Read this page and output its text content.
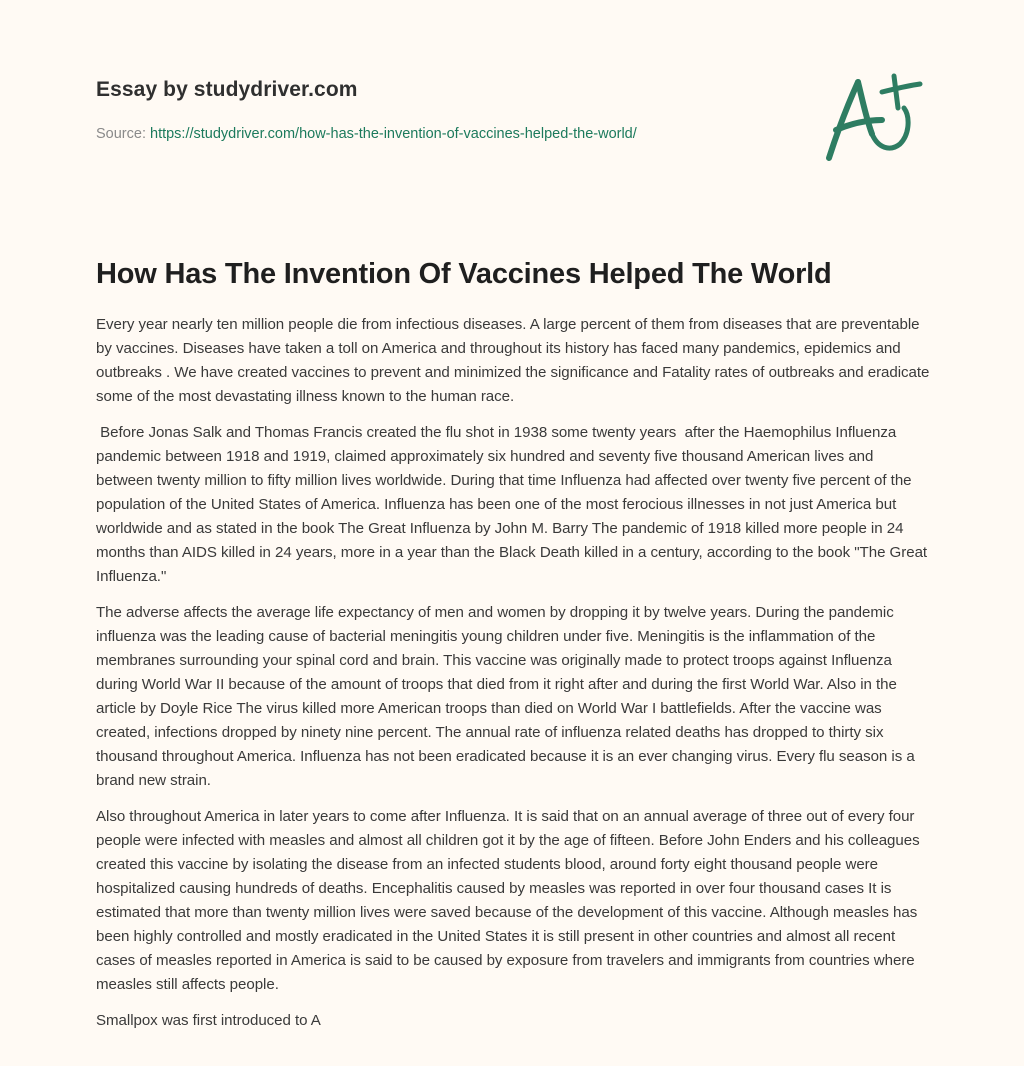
Essay by studydriver.com
Source: https://studydriver.com/how-has-the-invention-of-vaccines-helped-the-world/
How Has The Invention Of Vaccines Helped The World

Every year nearly ten million people die from infectious diseases. A large percent of them from diseases that are preventable by vaccines. Diseases have taken a toll on America and throughout its history has faced many pandemics, epidemics and outbreaks . We have created vaccines to prevent and minimized the significance and Fatality rates of outbreaks and eradicate some of the most devastating illness known to the human race.

Before Jonas Salk and Thomas Francis created the flu shot in 1938 some twenty years  after the Haemophilus Influenza pandemic between 1918 and 1919, claimed approximately six hundred and seventy five thousand American lives and between twenty million to fifty million lives worldwide. During that time Influenza had affected over twenty five percent of the population of the United States of America. Influenza has been one of the most ferocious illnesses in not just America but worldwide and as stated in the book The Great Influenza by John M. Barry The pandemic of 1918 killed more people in 24 months than AIDS killed in 24 years, more in a year than the Black Death killed in a century, according to the book "The Great Influenza."

The adverse affects the average life expectancy of men and women by dropping it by twelve years. During the pandemic influenza was the leading cause of bacterial meningitis young children under five. Meningitis is the inflammation of the membranes surrounding your spinal cord and brain. This vaccine was originally made to protect troops against Influenza during World War II because of the amount of troops that died from it right after and during the first World War. Also in the article by Doyle Rice The virus killed more American troops than died on World War I battlefields. After the vaccine was created, infections dropped by ninety nine percent. The annual rate of influenza related deaths has dropped to thirty six thousand throughout America. Influenza has not been eradicated because it is an ever changing virus. Every flu season is a brand new strain.

Also throughout America in later years to come after Influenza. It is said that on an annual average of three out of every four people were infected with measles and almost all children got it by the age of fifteen. Before John Enders and his colleagues created this vaccine by isolating the disease from an infected students blood, around forty eight thousand people were hospitalized causing hundreds of deaths. Encephalitis caused by measles was reported in over four thousand cases It is estimated that more than twenty million lives were saved because of the development of this vaccine. Although measles has been highly controlled and mostly eradicated in the United States it is still present in other countries and almost all recent cases of measles reported in America is said to be caused by exposure from travelers and immigrants from countries where measles still affects people.

Smallpox was first introduced to A
